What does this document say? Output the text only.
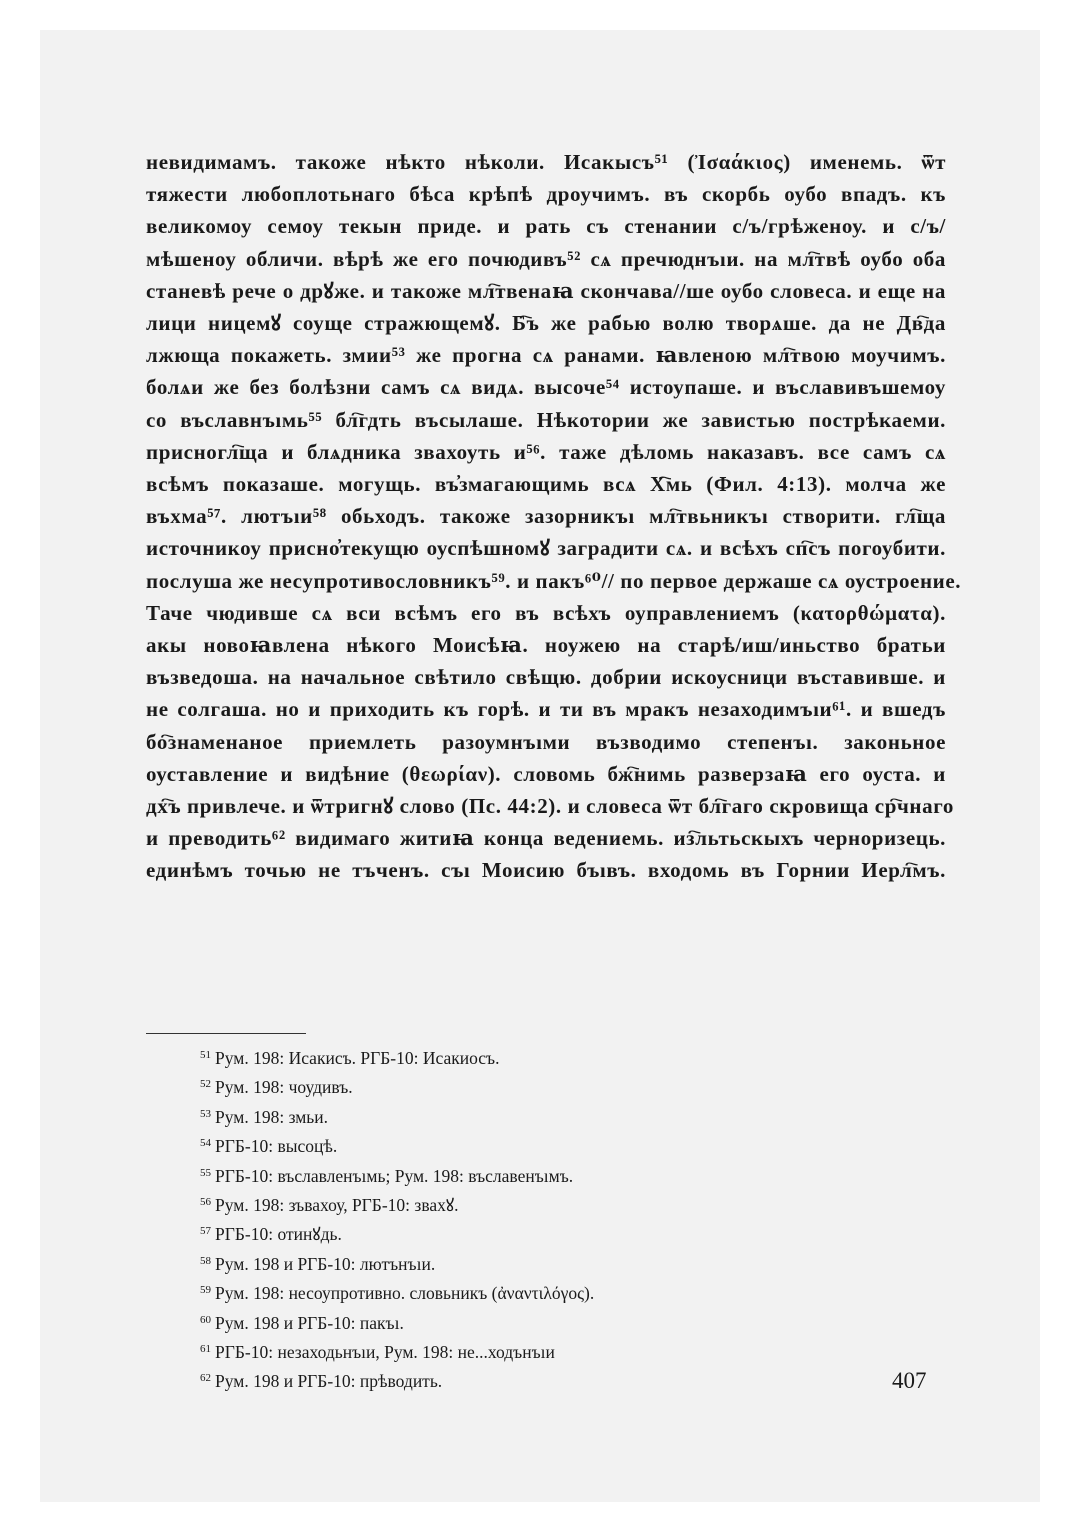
невидимамъ. такоже нѣкто нѣколи. Исакысъ⁵¹ (Ἰσαάκιος) именемь. ѿт
тяжести любоплотьнаго бѣса крѣпѣ дроучимъ. въ скорбь оубо впадъ. къ
великомоу семоу текын приде. и рать съ стенании с/ъ/грѣженоу. и с/ъ/
мѣшеноу обличи. вѣрѣ же его почюдивъ⁵² сѧ пречюднъıи. на мл҇твѣ оубо оба
станевѣ рече о дрꙋже. и такоже мл҇твенаꙗ скончава//ше оубо словеса. и еще на
лици ницемꙋ соуще стражющемꙋ. Б҇ъ же рабью волю творѧше. да не Дв҇да
лжюща покажеть. змии⁵³ же прогна сѧ ранами. ꙗвленою мл҇твою моучимъ.
болѧи же без болѣзни самъ сѧ видѧ. высоче⁵⁴ истоупаше. и въславивъшемоу
со въславнъıмь⁵⁵ бл҇гдть въсылаше. Нѣкотории же завистью пострѣкаеми.
присногл҇ща и блѧдника звахоуть и⁵⁶. таже дѣломь наказавъ. все самъ сѧ
всѣмъ показаше. могущь. въ҆змагающимь всѧ Х҇мь (Фил. 4:13). молча же
въхма⁵⁷. лютъıи⁵⁸ обьходъ. такоже зазорникъı мл҇твьникъı створити. гл҇ща
источникоу присно҆текущю оуспѣшномꙋ заградити сѧ. и всѣхъ сп҇съ погоубити.
послуша же несупротивословникъ⁵⁹. и пакъ⁶⁰// по первое держаше сѧ оустроение.
Таче чюдивше сѧ вси всѣмъ его въ всѣхъ оуправлениемъ (κατορθώματα).
акы новоꙗвлена нѣкого Моисѣꙗ. ноужею на старѣ/иш/иньство братьи
възведоша. на начальное свѣтило свѣщю. добрии искоусници въставивше. и
не солгаша. но и приходить къ горѣ. и ти въ мракъ незаходимъıи⁶¹. и вшедъ
бо҇знаменаное приемлеть разоумнъıми възводимо степенъı. законьное
оуставление и видѣние (θεωρίαν). словомь бж҇нимь разверзаꙗ его оуста. и
дх҇ъ привлече. и ѿтригнꙋ слово (Пс. 44:2). и словеса ѿт бл҇гаго скровища ср҇чнаго
и преводить⁶² видимаго житиꙗ конца ведениемь. из҇льтьскыхъ черноризець.
единѣмъ точью не тъченъ. съı Моисию бъıвъ. входомь въ Горнии Иерл҇мъ.
$^{51}$ Рум. 198: Исакисъ. РГБ-10: Исакиосъ.
$^{52}$ Рум. 198: чоудивъ.
$^{53}$ Рум. 198: змьи.
$^{54}$ РГБ-10: высоцѣ.
$^{55}$ РГБ-10: въславленъıмь; Рум. 198: въславенъıмъ.
$^{56}$ Рум. 198: зъвахоу, РГБ-10: звахꙋ.
$^{57}$ РГБ-10: отинꙋдь.
$^{58}$ Рум. 198 и РГБ-10: лютънъıи.
$^{59}$ Рум. 198: несоупротивно. словьникъ (ἀναντιλόγος).
$^{60}$ Рум. 198 и РГБ-10: пакъı.
$^{61}$ РГБ-10: незаходьнъıи, Рум. 198: не...ходънъıи
$^{62}$ Рум. 198 и РГБ-10: прѣводить.	407
